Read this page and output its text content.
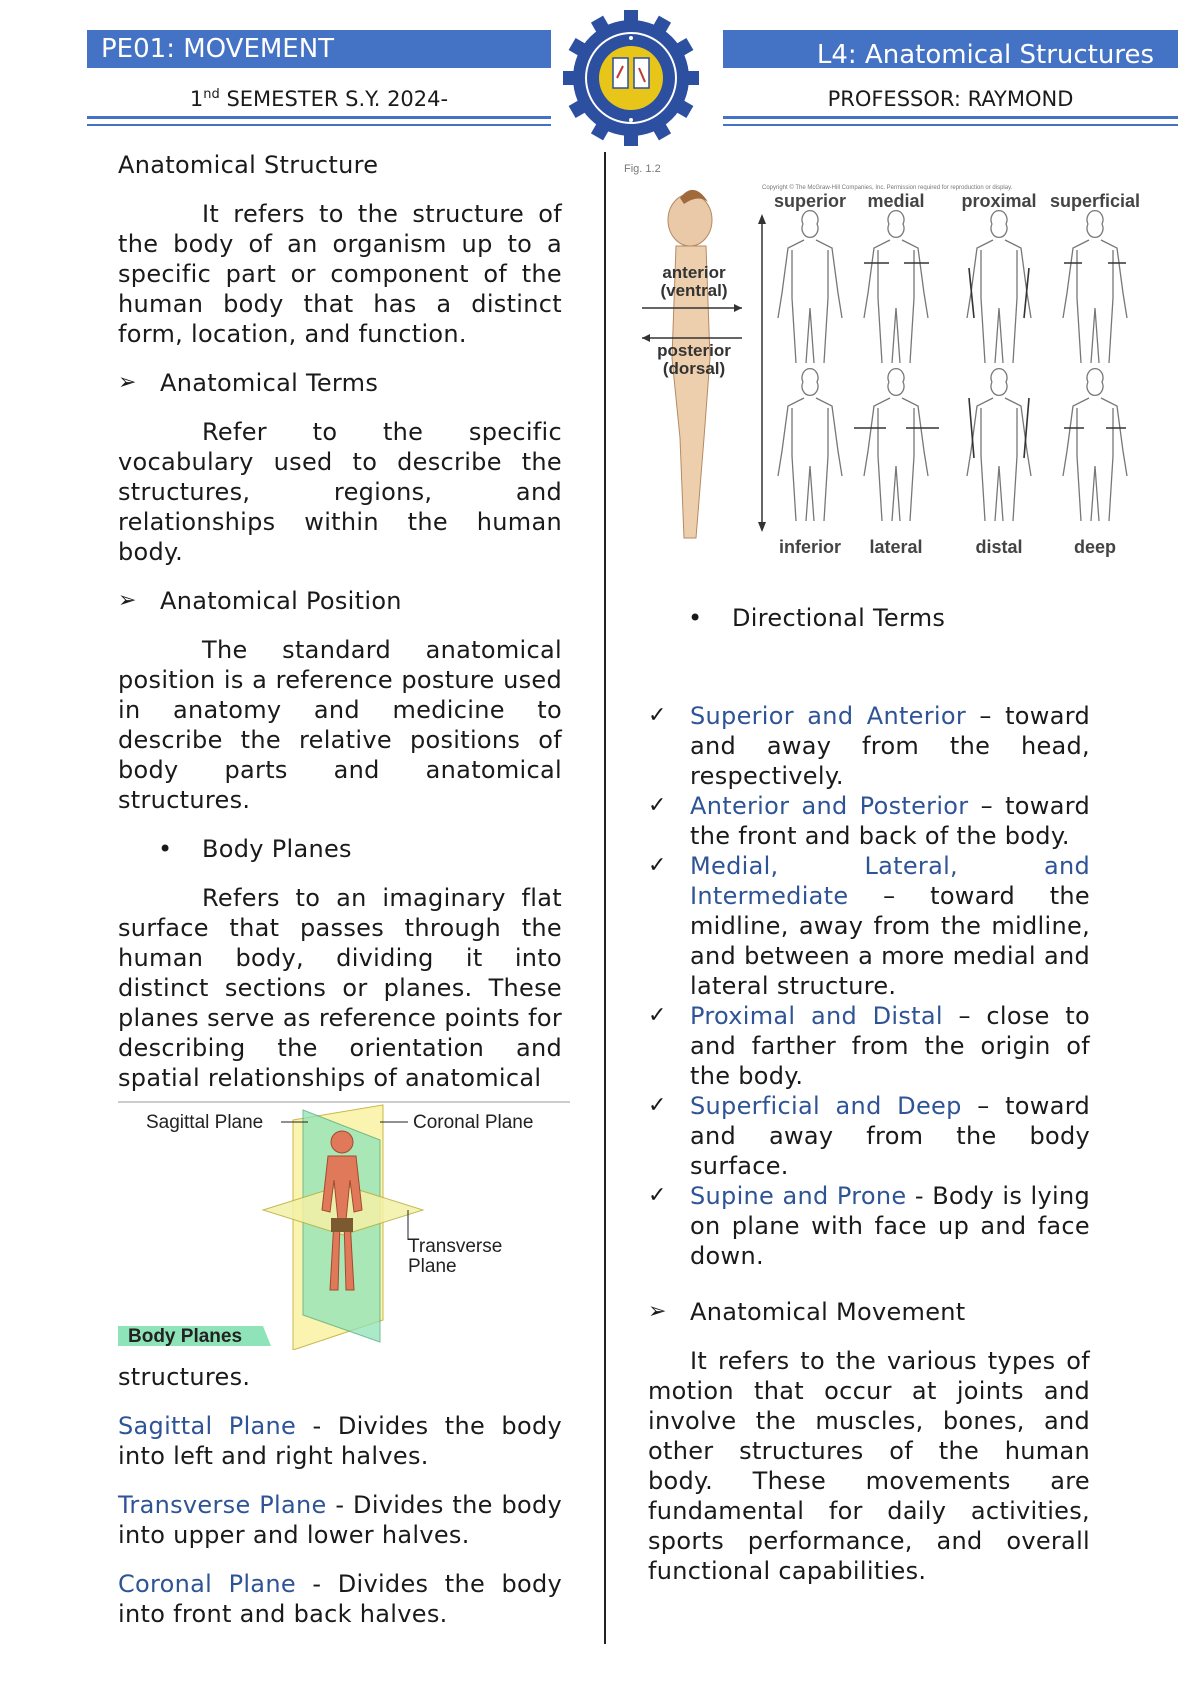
PE01: MOVEMENT
1nd SEMESTER S.Y. 2024-
L4: Anatomical Structures
PROFESSOR: RAYMOND

Anatomical Structure

It refers to the structure of the body of an organism up to a specific part or component of the human body that has a distinct form, location, and function.

➢ Anatomical Terms

Refer to the specific vocabulary used to describe the structures, regions, and relationships within the human body.

➢ Anatomical Position

The standard anatomical position is a reference posture used in anatomy and medicine to describe the relative positions of body parts and anatomical structures.

•	Body Planes

Refers to an imaginary flat surface that passes through the human body, dividing it into distinct sections or planes. These planes serve as reference points for describing the orientation and spatial relationships of anatomical

Sagittal Plane	Coronal Plane
Transverse
Plane
Body Planes

structures.

Sagittal Plane - Divides the body into left and right halves.

Transverse Plane - Divides the body into upper and lower halves.

Coronal Plane - Divides the body into front and back halves.

Fig. 1.2
Copyright © The McGraw-Hill Companies, Inc. Permission required for reproduction or display.
anterior
(ventral)
posterior
(dorsal)
superior medial proximal superficial
inferior lateral	distal	deep
•	Directional Terms
✓ Superior and Anterior – toward and away from the head, respectively.

✓ Anterior and Posterior – toward the front and back of the body.

✓ Medial, Lateral, and Intermediate – toward the midline, away from the midline, and between a more medial and lateral structure.

✓ Proximal and Distal – close to and farther from the origin of the body.

✓ Superficial and Deep – toward and away from the body surface.

✓ Supine and Prone - Body is lying on plane with face up and face down.

➢ Anatomical Movement

It refers to the various types of motion that occur at joints and involve the muscles, bones, and other structures of the human body. These movements are fundamental for daily activities, sports performance, and overall functional capabilities.
